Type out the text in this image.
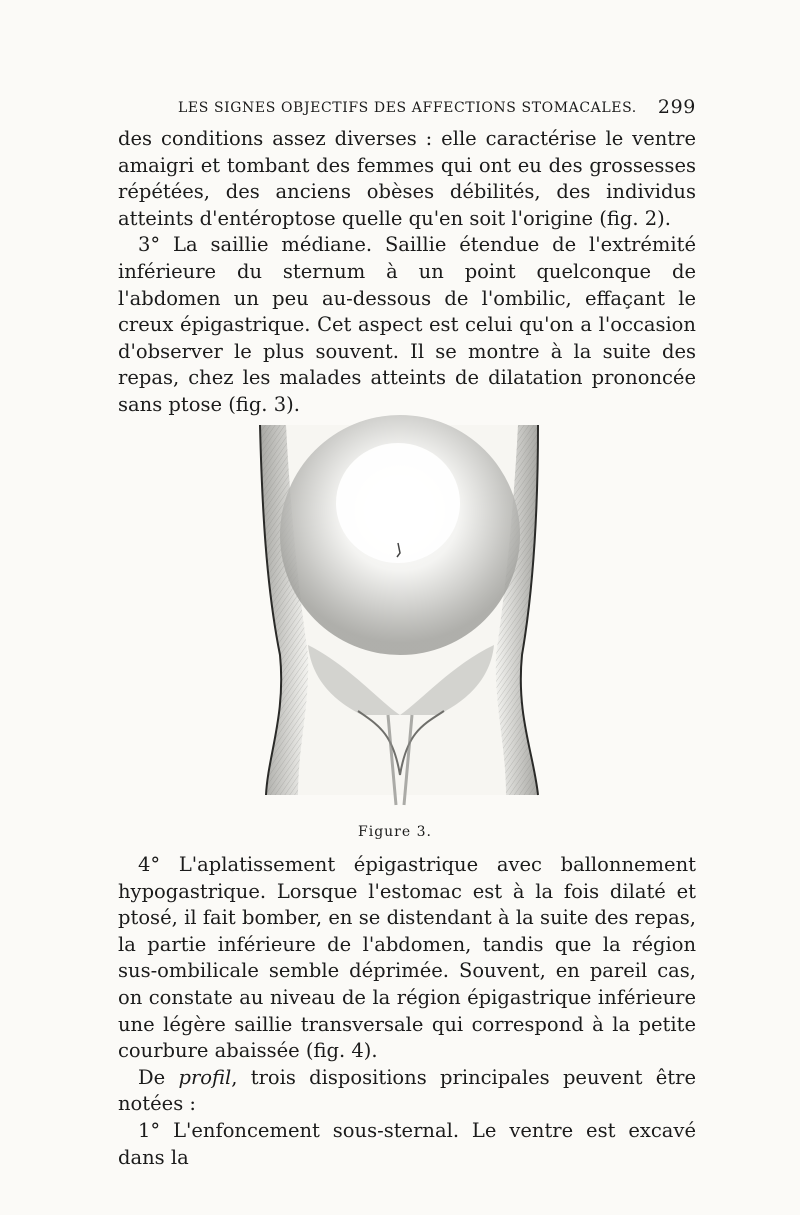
LES SIGNES OBJECTIFS DES AFFECTIONS STOMACALES. 299

des conditions assez diverses : elle caractérise le ventre amaigri et tombant des femmes qui ont eu des grossesses répétées, des anciens obèses débilités, des individus atteints d'entéroptose quelle qu'en soit l'origine (fig. 2).

3° La saillie médiane. Saillie étendue de l'extrémité inférieure du sternum à un point quelconque de l'abdomen un peu au-dessous de l'ombilic, effaçant le creux épigastrique. Cet aspect est celui qu'on a l'occasion d'observer le plus souvent. Il se montre à la suite des repas, chez les malades atteints de dilatation prononcée sans ptose (fig. 3).

Figure 3.

4° L'aplatissement épigastrique avec ballonnement hypogastrique. Lorsque l'estomac est à la fois dilaté et ptosé, il fait bomber, en se distendant à la suite des repas, la partie inférieure de l'abdomen, tandis que la région sus-ombilicale semble déprimée. Souvent, en pareil cas, on constate au niveau de la région épigastrique inférieure une légère saillie transversale qui correspond à la petite courbure abaissée (fig. 4).

De profil, trois dispositions principales peuvent être notées :

1° L'enfoncement sous-sternal. Le ventre est excavé dans la
